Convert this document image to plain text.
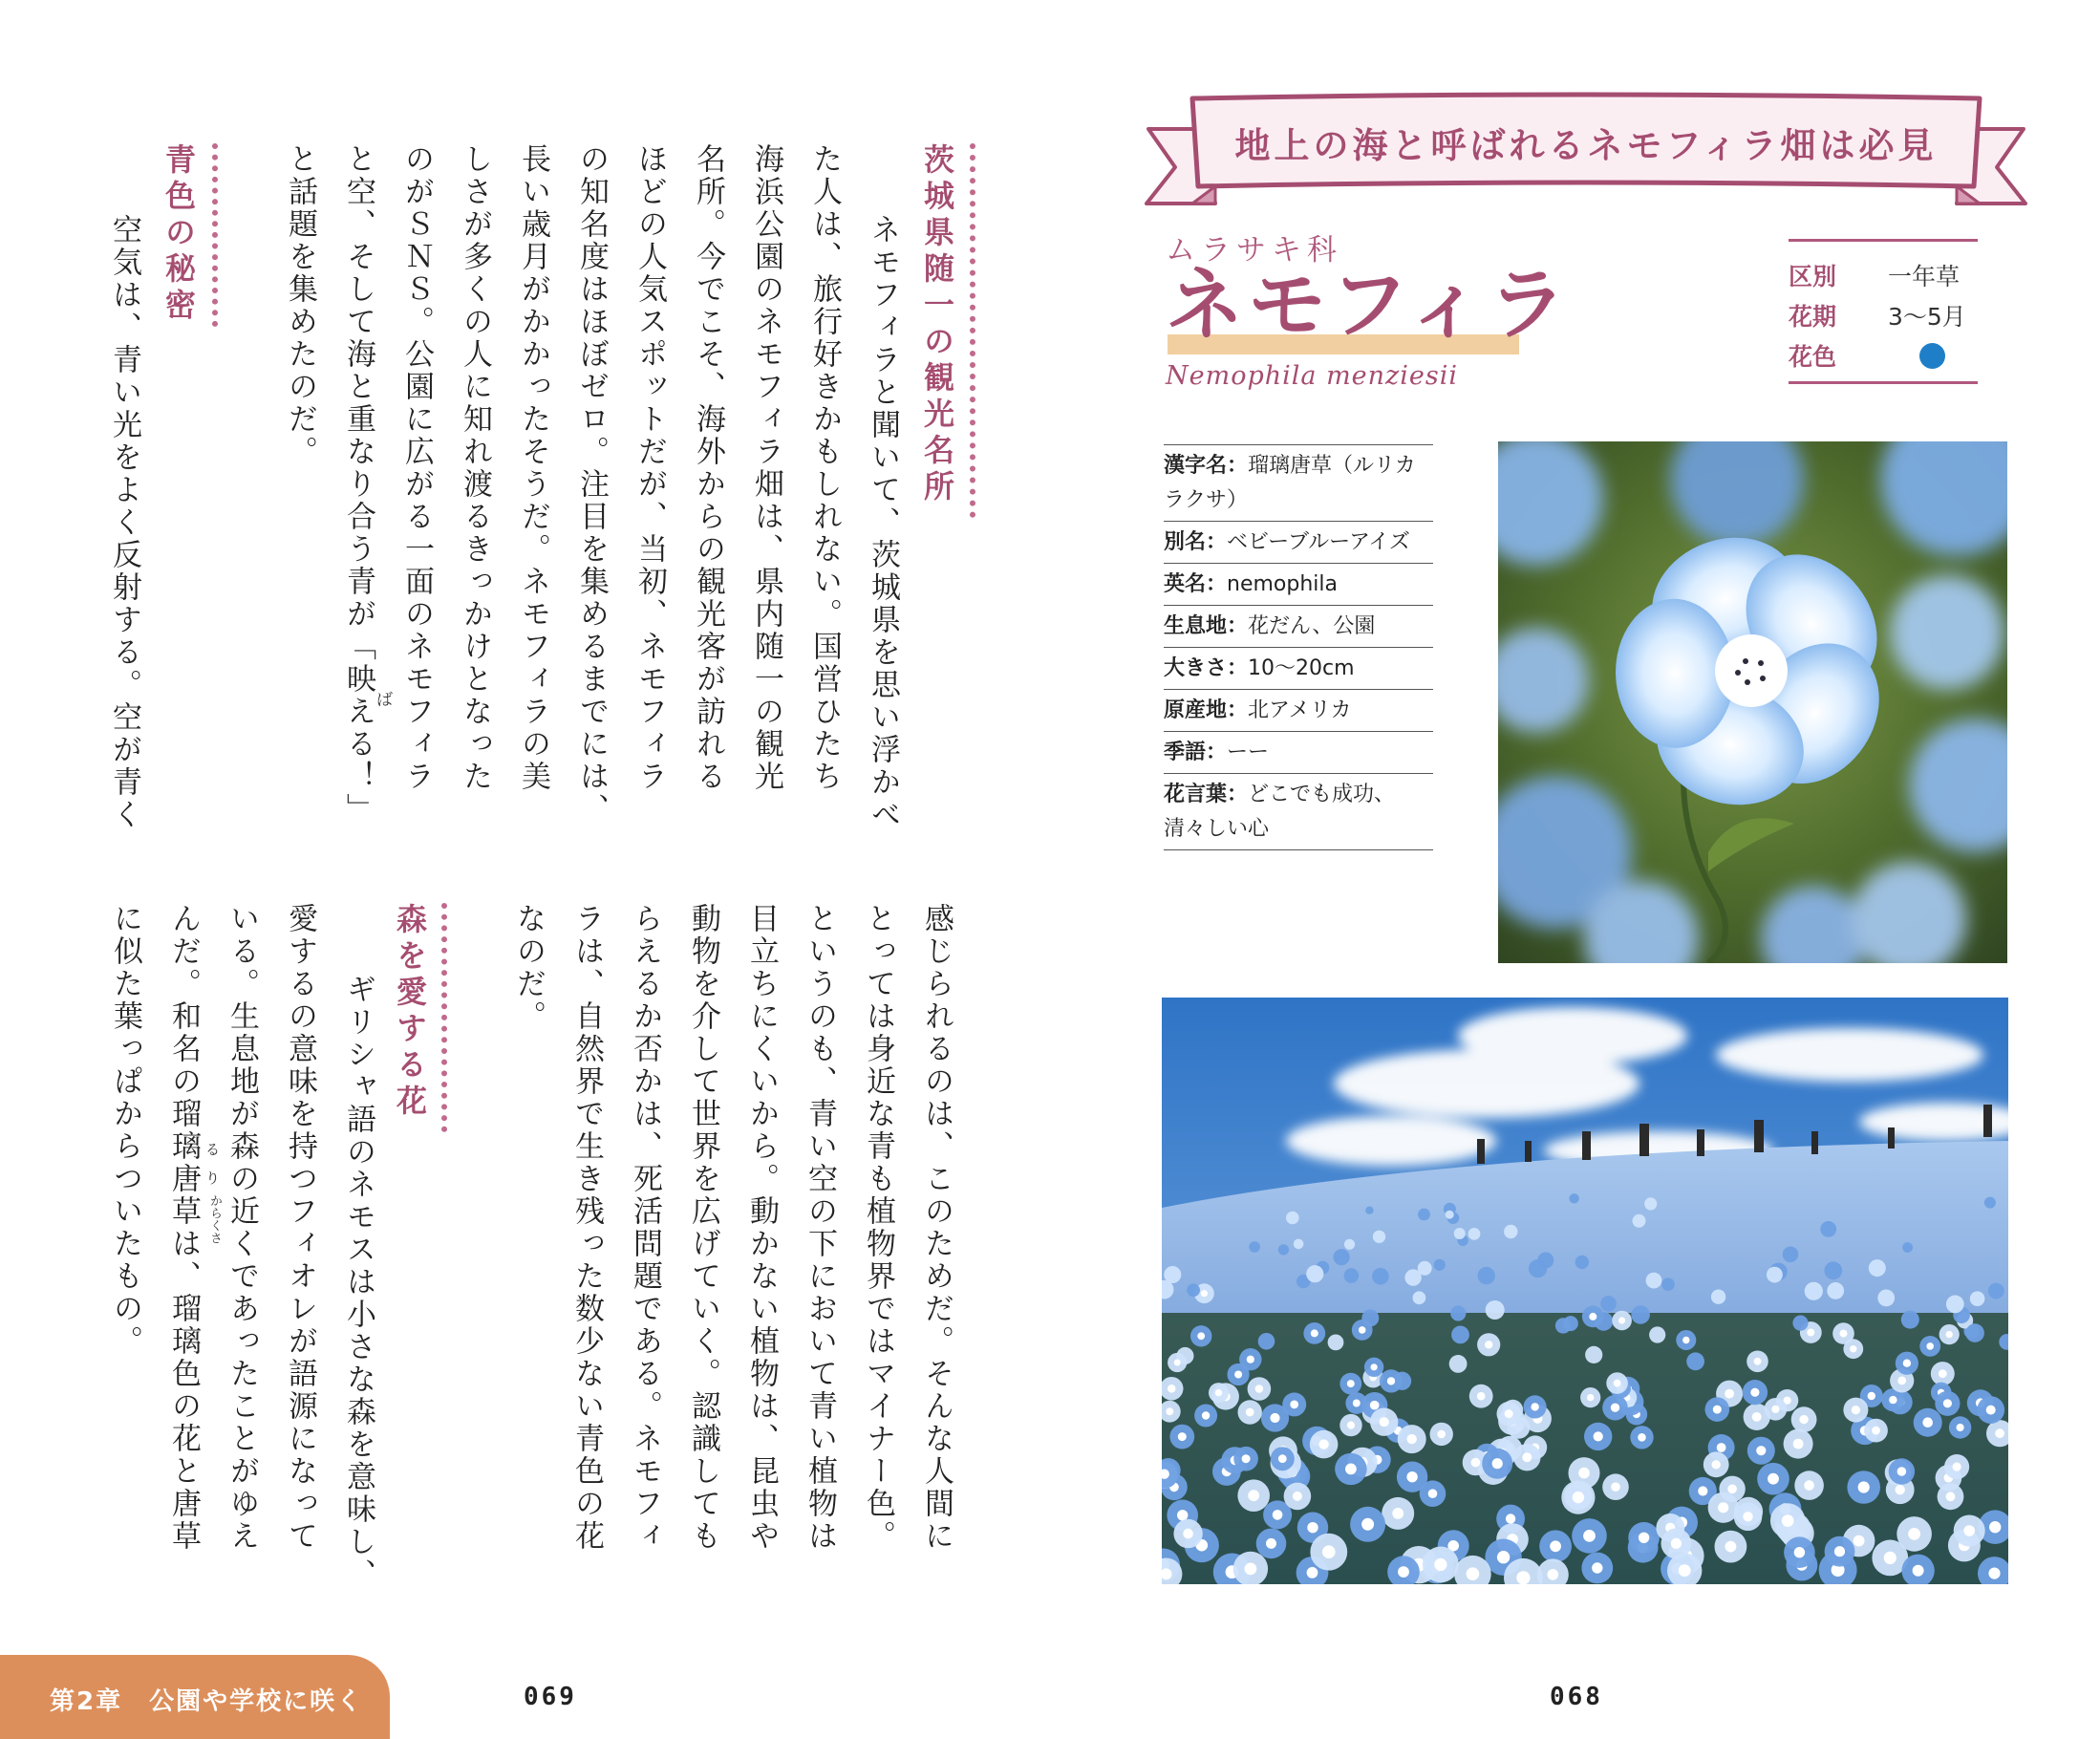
茨城県随一の観光名所
　ネモフィラと聞いて、茨城県を思い浮かべ
た人は、旅行好きかもしれない。国営ひたち
海浜公園のネモフィラ畑は、県内随一の観光
名所。今でこそ、海外からの観光客が訪れる
ほどの人気スポットだが、当初、ネモフィラ
の知名度はほぼゼロ。注目を集めるまでには、
長い歳月がかかったそうだ。ネモフィラの美
しさが多くの人に知れ渡るきっかけとなった
のがＳＮＳ。公園に広がる一面のネモフィラ
と空、そして海と重なり合う青が「映える！」
と話題を集めたのだ。
ば
青色の秘密
　空気は、青い光をよく反射する。空が青く
感じられるのは、このためだ。そんな人間に
とっては身近な青も植物界ではマイナー色。
というのも、青い空の下において青い植物は
目立ちにくいから。動かない植物は、昆虫や
動物を介して世界を広げていく。認識しても
らえるか否かは、死活問題である。ネモフィ
ラは、自然界で生き残った数少ない青色の花
なのだ。
森を愛する花
　ギリシャ語のネモスは小さな森を意味し、
愛するの意味を持つフィオレが語源になって
いる。生息地が森の近くであったことがゆえ
んだ。和名の瑠璃唐草は、瑠璃色の花と唐草
に似た葉っぱからついたもの。	る
り
からくさ
第2章　公園や学校に咲く	069
地上の海と呼ばれるネモフィラ畑は必見
ムラサキ科
ネモフィラ
Nemophila menziesii
区別	一年草
花期	3〜5月
花色
漢字名：瑠璃唐草（ルリカラクサ）
別名：ベビーブルーアイズ
英名：nemophila
生息地：花だん、公園
大きさ：10〜20cm
原産地：北アメリカ
季語：ーー
花言葉：どこでも成功、清々しい心
068
